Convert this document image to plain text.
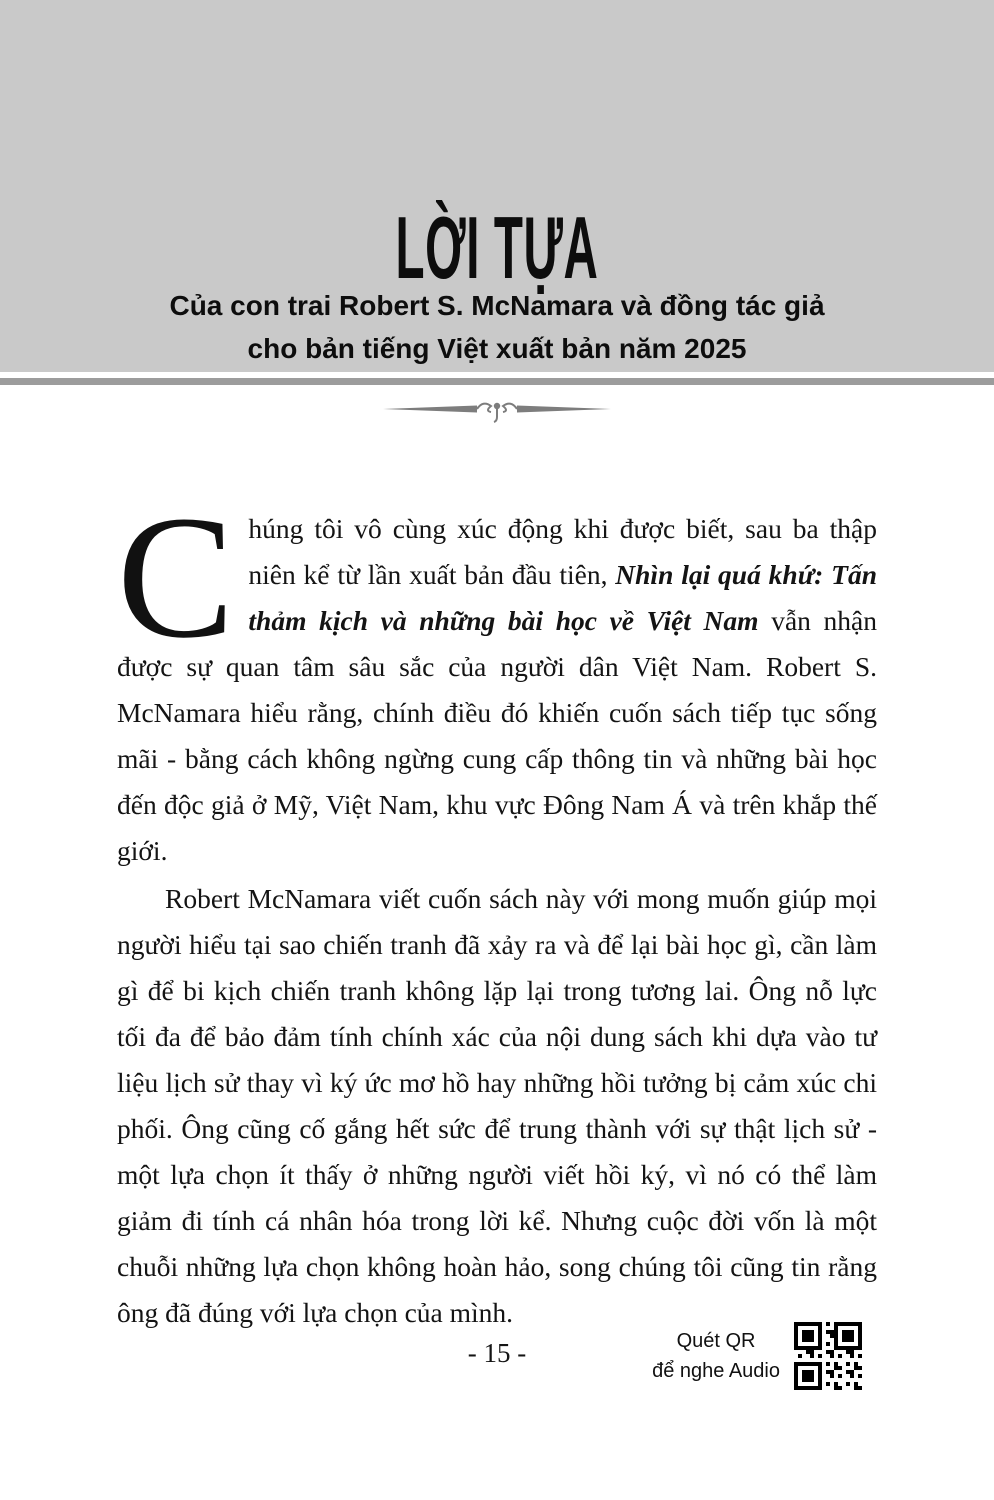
LỜI TỰA
Của con trai Robert S. McNamara và đồng tác giả
cho bản tiếng Việt xuất bản năm 2025

Chúng tôi vô cùng xúc động khi được biết, sau ba thập niên kể từ lần xuất bản đầu tiên, Nhìn lại quá khứ: Tấn thảm kịch và những bài học về Việt Nam vẫn nhận được sự quan tâm sâu sắc của người dân Việt Nam. Robert S. McNamara hiểu rằng, chính điều đó khiến cuốn sách tiếp tục sống mãi - bằng cách không ngừng cung cấp thông tin và những bài học đến độc giả ở Mỹ, Việt Nam, khu vực Đông Nam Á và trên khắp thế giới.

Robert McNamara viết cuốn sách này với mong muốn giúp mọi người hiểu tại sao chiến tranh đã xảy ra và để lại bài học gì, cần làm gì để bi kịch chiến tranh không lặp lại trong tương lai. Ông nỗ lực tối đa để bảo đảm tính chính xác của nội dung sách khi dựa vào tư liệu lịch sử thay vì ký ức mơ hồ hay những hồi tưởng bị cảm xúc chi phối. Ông cũng cố gắng hết sức để trung thành với sự thật lịch sử - một lựa chọn ít thấy ở những người viết hồi ký, vì nó có thể làm giảm đi tính cá nhân hóa trong lời kể. Nhưng cuộc đời vốn là một chuỗi những lựa chọn không hoàn hảo, song chúng tôi cũng tin rằng ông đã đúng với lựa chọn của mình.

- 15 -	Quét QR
để nghe Audio
